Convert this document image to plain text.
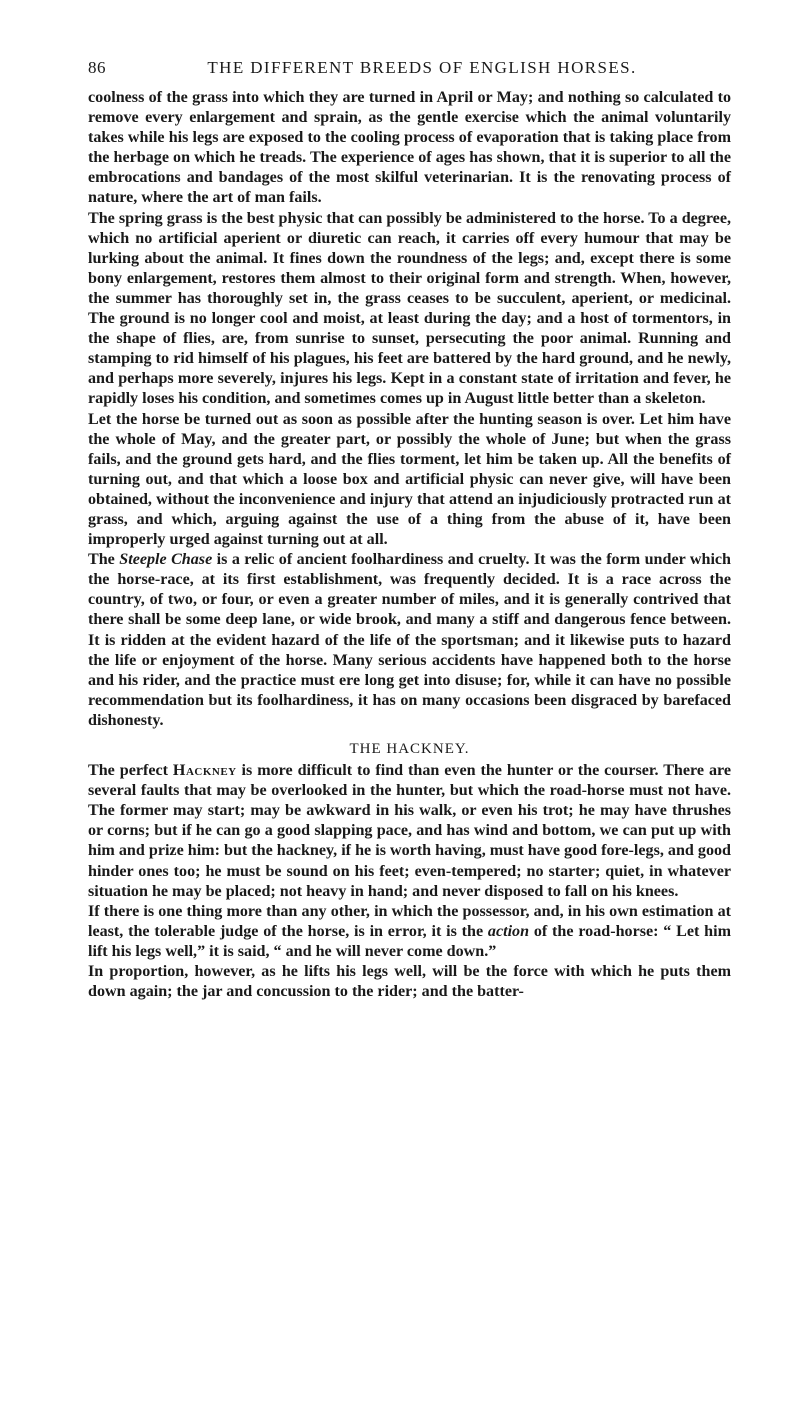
86	THE DIFFERENT BREEDS OF ENGLISH HORSES.

coolness of the grass into which they are turned in April or May; and nothing so calculated to remove every enlargement and sprain, as the gentle exercise which the animal voluntarily takes while his legs are exposed to the cooling process of evaporation that is taking place from the herbage on which he treads. The experience of ages has shown, that it is superior to all the embrocations and bandages of the most skilful veterinarian. It is the renovating process of nature, where the art of man fails.

The spring grass is the best physic that can possibly be administered to the horse. To a degree, which no artificial aperient or diuretic can reach, it carries off every humour that may be lurking about the animal. It fines down the roundness of the legs; and, except there is some bony enlargement, restores them almost to their original form and strength. When, however, the summer has thoroughly set in, the grass ceases to be succulent, aperient, or medicinal. The ground is no longer cool and moist, at least during the day; and a host of tormentors, in the shape of flies, are, from sunrise to sunset, persecuting the poor animal. Running and stamping to rid himself of his plagues, his feet are battered by the hard ground, and he newly, and perhaps more severely, injures his legs. Kept in a constant state of irritation and fever, he rapidly loses his condition, and sometimes comes up in August little better than a skeleton.

Let the horse be turned out as soon as possible after the hunting season is over. Let him have the whole of May, and the greater part, or possibly the whole of June; but when the grass fails, and the ground gets hard, and the flies torment, let him be taken up. All the benefits of turning out, and that which a loose box and artificial physic can never give, will have been obtained, without the inconvenience and injury that attend an injudiciously protracted run at grass, and which, arguing against the use of a thing from the abuse of it, have been improperly urged against turning out at all.

The Steeple Chase is a relic of ancient foolhardiness and cruelty. It was the form under which the horse-race, at its first establishment, was frequently decided. It is a race across the country, of two, or four, or even a greater number of miles, and it is generally contrived that there shall be some deep lane, or wide brook, and many a stiff and dangerous fence between. It is ridden at the evident hazard of the life of the sportsman; and it likewise puts to hazard the life or enjoyment of the horse. Many serious accidents have happened both to the horse and his rider, and the practice must ere long get into disuse; for, while it can have no possible recommendation but its foolhardiness, it has on many occasions been disgraced by barefaced dishonesty.

THE HACKNEY.

The perfect Hackney is more difficult to find than even the hunter or the courser. There are several faults that may be overlooked in the hunter, but which the road-horse must not have. The former may start; may be awkward in his walk, or even his trot; he may have thrushes or corns; but if he can go a good slapping pace, and has wind and bottom, we can put up with him and prize him: but the hackney, if he is worth having, must have good fore-legs, and good hinder ones too; he must be sound on his feet; even-tempered; no starter; quiet, in whatever situation he may be placed; not heavy in hand; and never disposed to fall on his knees.

If there is one thing more than any other, in which the possessor, and, in his own estimation at least, the tolerable judge of the horse, is in error, it is the action of the road-horse: “ Let him lift his legs well,” it is said, “ and he will never come down.”

In proportion, however, as he lifts his legs well, will be the force with which he puts them down again; the jar and concussion to the rider; and the batter-
